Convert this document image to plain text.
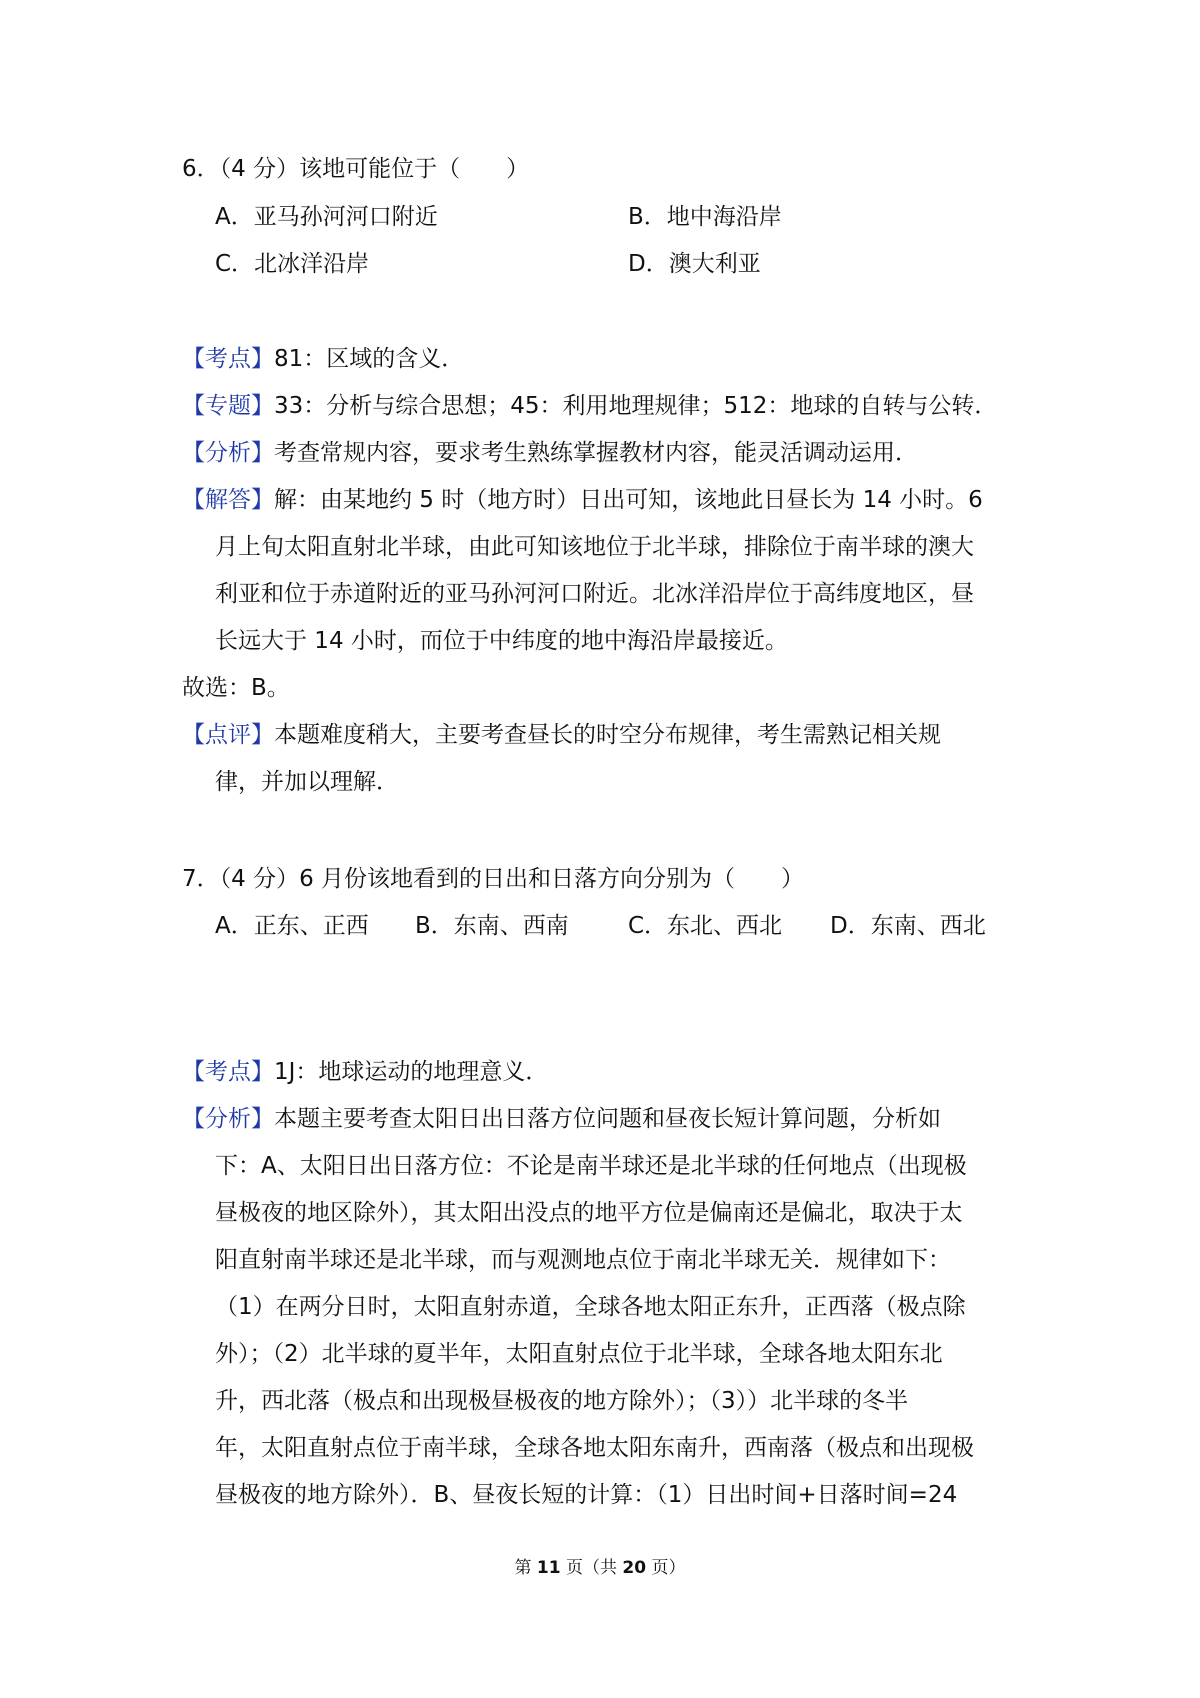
6．（4 分）该地可能位于（　　）
A．亚马孙河河口附近	B．地中海沿岸
C．北冰洋沿岸	D．澳大利亚
【考点】81：区域的含义．
【专题】33：分析与综合思想；45：利用地理规律；512：地球的自转与公转．
【分析】考查常规内容，要求考生熟练掌握教材内容，能灵活调动运用．
【解答】解：由某地约 5 时（地方时）日出可知，该地此日昼长为 14 小时。6
月上旬太阳直射北半球，由此可知该地位于北半球，排除位于南半球的澳大
利亚和位于赤道附近的亚马孙河河口附近。北冰洋沿岸位于高纬度地区，昼
长远大于 14 小时，而位于中纬度的地中海沿岸最接近。
故选：B。
【点评】本题难度稍大，主要考查昼长的时空分布规律，考生需熟记相关规
律，并加以理解．
7．（4 分）6 月份该地看到的日出和日落方向分别为（　　）
A．正东、正西 B．东南、西南	C．东北、西北 D．东南、西北
【考点】1J：地球运动的地理意义．
【分析】本题主要考查太阳日出日落方位问题和昼夜长短计算问题，分析如
下：A、太阳日出日落方位：不论是南半球还是北半球的任何地点（出现极
昼极夜的地区除外），其太阳出没点的地平方位是偏南还是偏北，取决于太
阳直射南半球还是北半球，而与观测地点位于南北半球无关．规律如下：
（1）在两分日时，太阳直射赤道，全球各地太阳正东升，正西落（极点除
外）；（2）北半球的夏半年，太阳直射点位于北半球，全球各地太阳东北
升，西北落（极点和出现极昼极夜的地方除外）；（3））北半球的冬半
年，太阳直射点位于南半球，全球各地太阳东南升，西南落（极点和出现极
昼极夜的地方除外）．B、昼夜长短的计算：（1）日出时间+日落时间=24
第 11 页（共 20 页）
